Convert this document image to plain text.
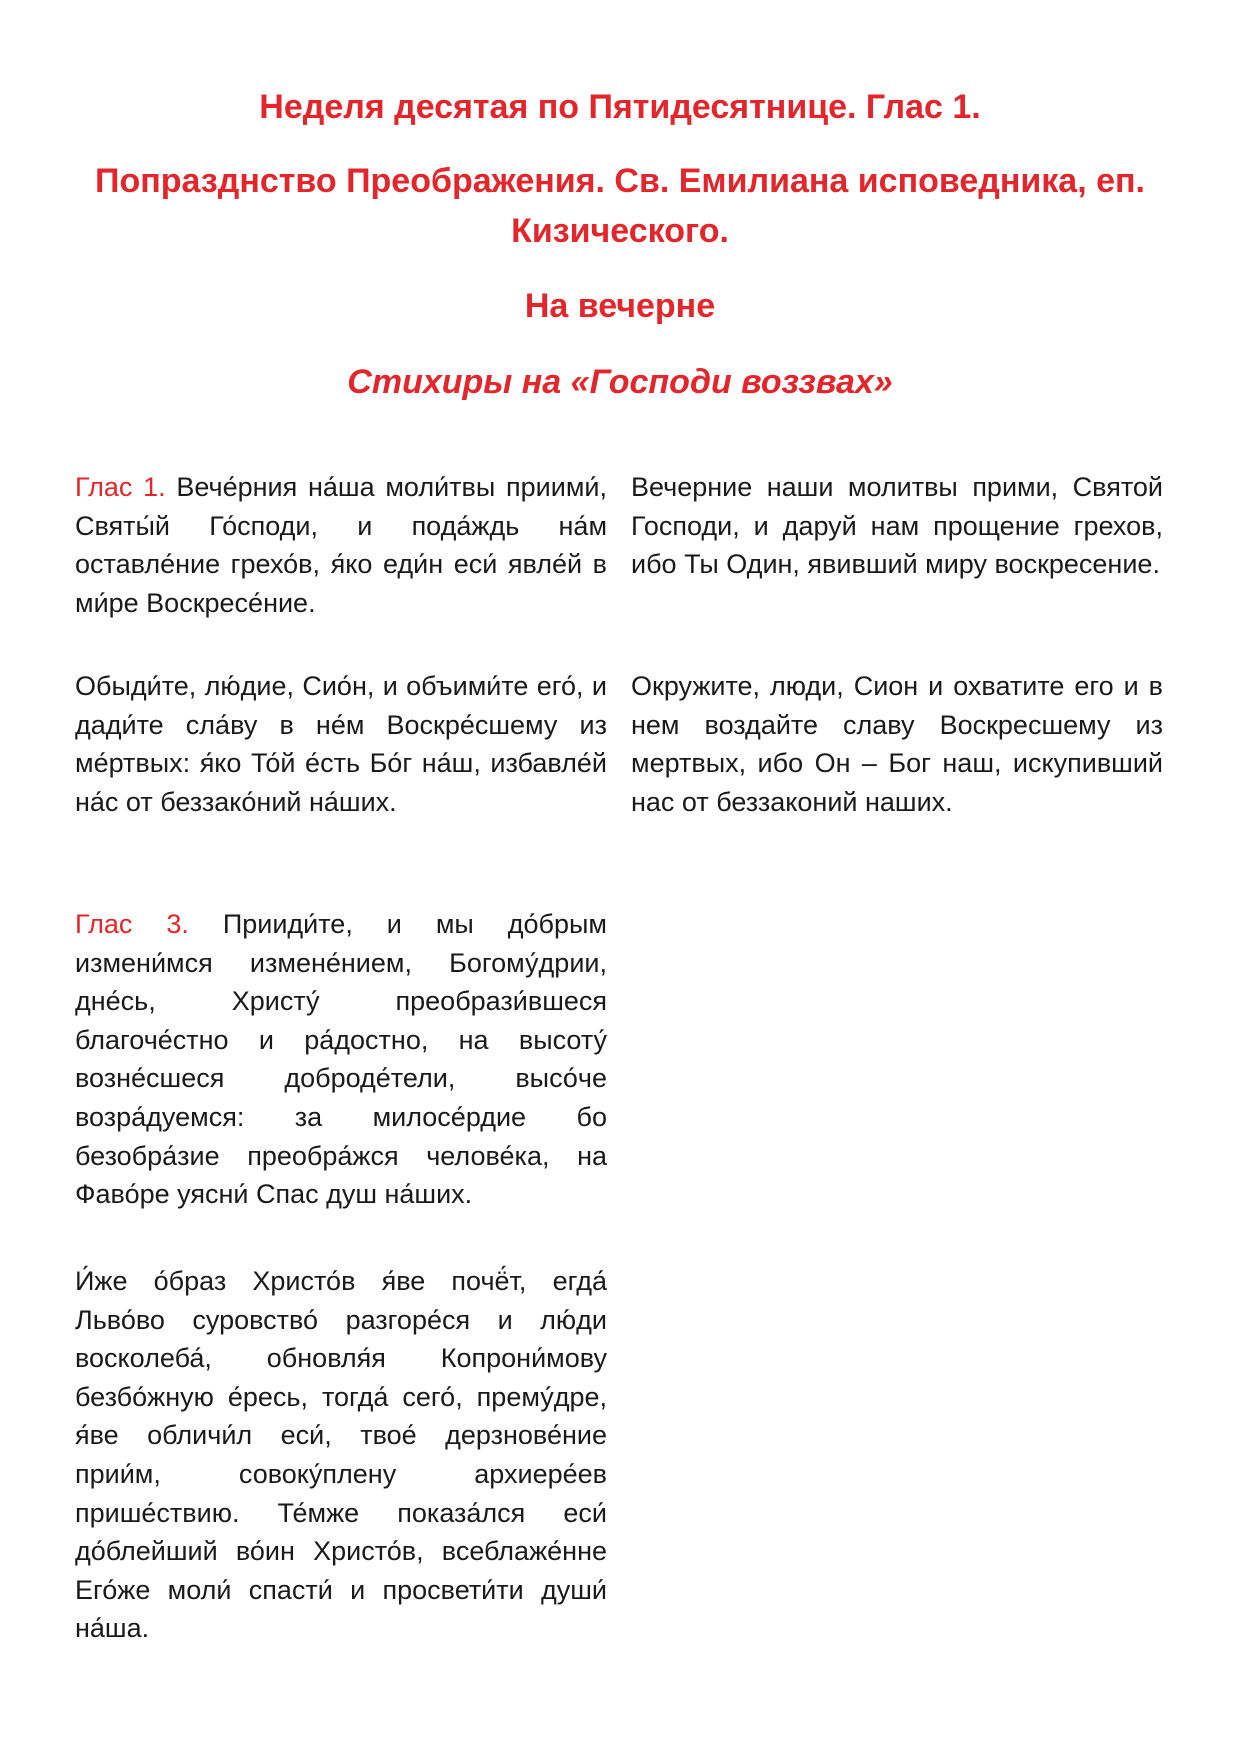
Неделя десятая по Пятидесятнице. Глас 1.
Попразднство Преображения. Св. Емилиана исповедника, еп. Кизического.
На вечерне
Стихиры на «Господи воззвах»

Глас 1. Вече́рния на́ша моли́твы приими́, Святы́й Го́споди, и пода́ждь на́м оставле́ние грехо́в, я́ко еди́н еси́ явле́й в ми́ре Воскресе́ние.

Вечерние наши молитвы прими, Святой Господи, и даруй нам прощение грехов, ибо Ты Один, явивший миру воскресение.

Обыди́те, лю́дие, Сио́н, и объими́те его́, и дади́те сла́ву в не́м Воскре́сшему из ме́ртвых: я́ко То́й е́сть Бо́г на́ш, избавле́й на́с от беззако́ний на́ших.

Окружите, люди, Сион и охватите его и в нем воздайте славу Воскресшему из мертвых, ибо Он – Бог наш, искупивший нас от беззаконий наших.

Глас 3. Прииди́те, и мы до́брым измени́мся измене́нием, Богому́дрии, дне́сь, Христу́ преобрази́вшеся благоче́стно и ра́достно, на высоту́ возне́сшеся доброде́тели, высо́че возра́дуемся: за милосе́рдие бо безобра́зие преобра́жся челове́ка, на Фаво́ре уясни́ Спас душ на́ших.

И́же о́браз Христо́в я́ве почё́т, егда́ Льво́во суровство́ разгоре́ся и лю́ди восколеба́, обновля́я Копрони́мову безбо́жную е́ресь, тогда́ сего́, прему́дре, я́ве обличи́л еси́, твое́ дерзнове́ние прии́м, совоку́плену архиере́ев прише́ствию. Те́мже показа́лся еси́ до́блейший во́ин Христо́в, всеблаже́нне Его́же моли́ спасти́ и просвети́ти души́ на́ша.
